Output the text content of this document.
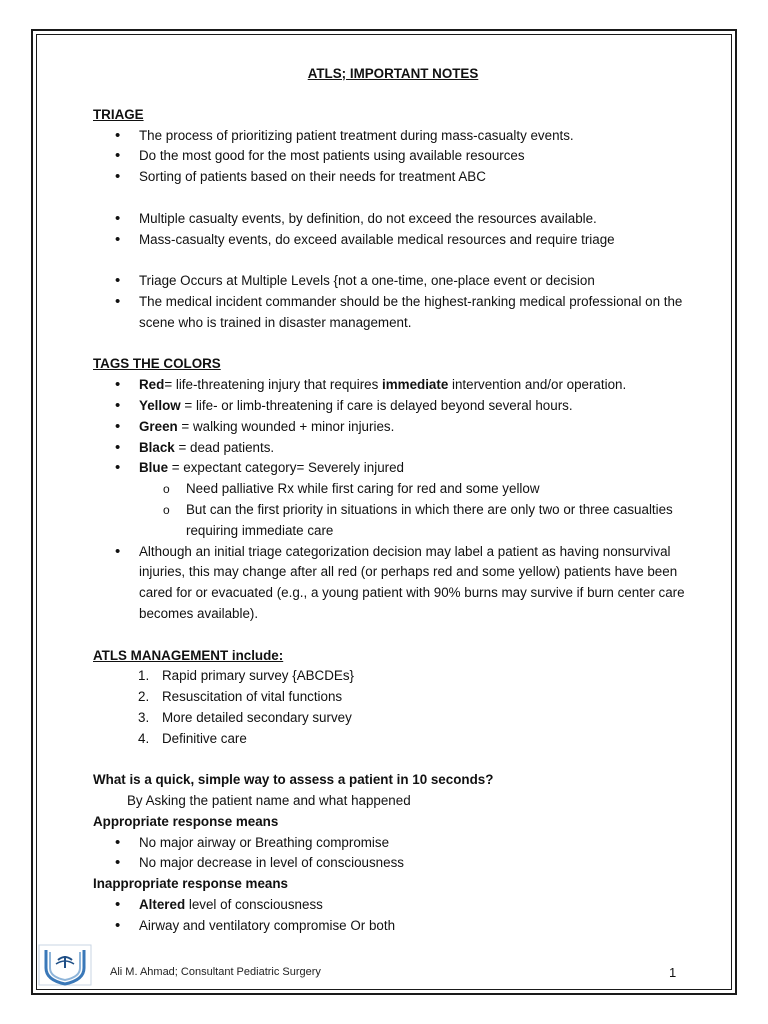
ATLS; IMPORTANT NOTES

TRIAGE

• The process of prioritizing patient treatment during mass-casualty events.
• Do the most good for the most patients using available resources
• Sorting of patients based on their needs for treatment ABC
• Multiple casualty events, by definition, do not exceed the resources available.
• Mass-casualty events, do exceed available medical resources and require triage
• Triage Occurs at Multiple Levels {not a one-time, one-place event or decision
• The medical incident commander should be the highest-ranking medical professional on the scene who is trained in disaster management.

TAGS THE COLORS

• Red= life-threatening injury that requires immediate intervention and/or operation.
• Yellow = life- or limb-threatening if care is delayed beyond several hours.
• Green = walking wounded + minor injuries.
• Black = dead patients.
• Blue = expectant category= Severely injured
o Need palliative Rx while first caring for red and some yellow
o But can the first priority in situations in which there are only two or three casualties requiring immediate care
• Although an initial triage categorization decision may label a patient as having nonsurvival injuries, this may change after all red (or perhaps red and some yellow) patients have been cared for or evacuated (e.g., a young patient with 90% burns may survive if burn center care becomes available).

ATLS MANAGEMENT include:

1. Rapid primary survey {ABCDEs}
2. Resuscitation of vital functions
3. More detailed secondary survey
4. Definitive care

What is a quick, simple way to assess a patient in 10 seconds?

By Asking the patient name and what happened

Appropriate response means

• No major airway or Breathing compromise
• No major decrease in level of consciousness

Inappropriate response means

• Altered level of consciousness
• Airway and ventilatory compromise Or both
Ali M. Ahmad; Consultant Pediatric Surgery	1
